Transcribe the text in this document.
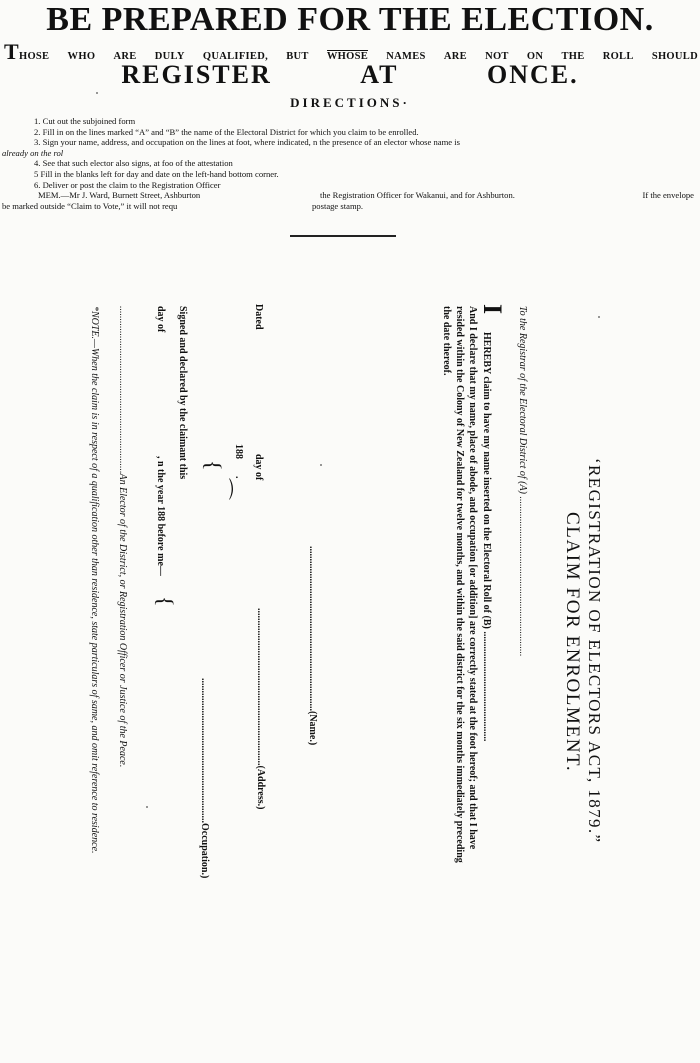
BE PREPARED FOR THE ELECTION.
THOSE WHO ARE DULY QUALIFIED, BUT WHOSE NAMES ARE NOT ON THE ROLL SHOULD
REGISTER	AT	ONCE.
DIRECTIONS·
1. Cut out the subjoined form
2. Fill in on the lines marked “A” and “B” the name of the Electoral District for which you claim to be enrolled.
3. Sign your name, address, and occupation on the lines at foot, where indicated, n the presence of an elector whose name is
already on the rol
4. See that such elector also signs, at foo of the attestation
5 Fill in the blanks left for day and date on the left-hand bottom corner.
6. Deliver or post the claim to the Registration Officer
MEM.—Mr J. Ward, Burnett Street, Ashburton	the Registration Officer for Wakanui, and for Ashburton.	If the envelope
be marked outside “Claim to Vote,” it will not requ	postage stamp.
‘REGISTRATION OF ELECTORS ACT, 1879.”
CLAIM FOR ENROLMENT.
To the Registrar of the Electoral District of (A) ................................................................
I
HEREBY claim to have my name inserted on the Electoral Roll of (B) ............................................
And I declare that my name, place of abode, and occupation [or addition] are correctly stated at the foot hereof; and that I have
resided within the Colony of New Zealand for twelve months, and within the said district for the six months immediately preceding
the date thereof.
..................................................................(Name.)
Dated
day of
188
.
⌒
{
...............................................................(Address.)
Signed and declared by the claimant this
day of
, n the year 188 before me—
{
..........................................................Occupation.)
...................................................................An Elector of the District, or Registration Officer or Justice of the Peace.
*NOTE.—When the claim is in respect of a qualification other than residence, state particulars of same, and omit reference to residence.
